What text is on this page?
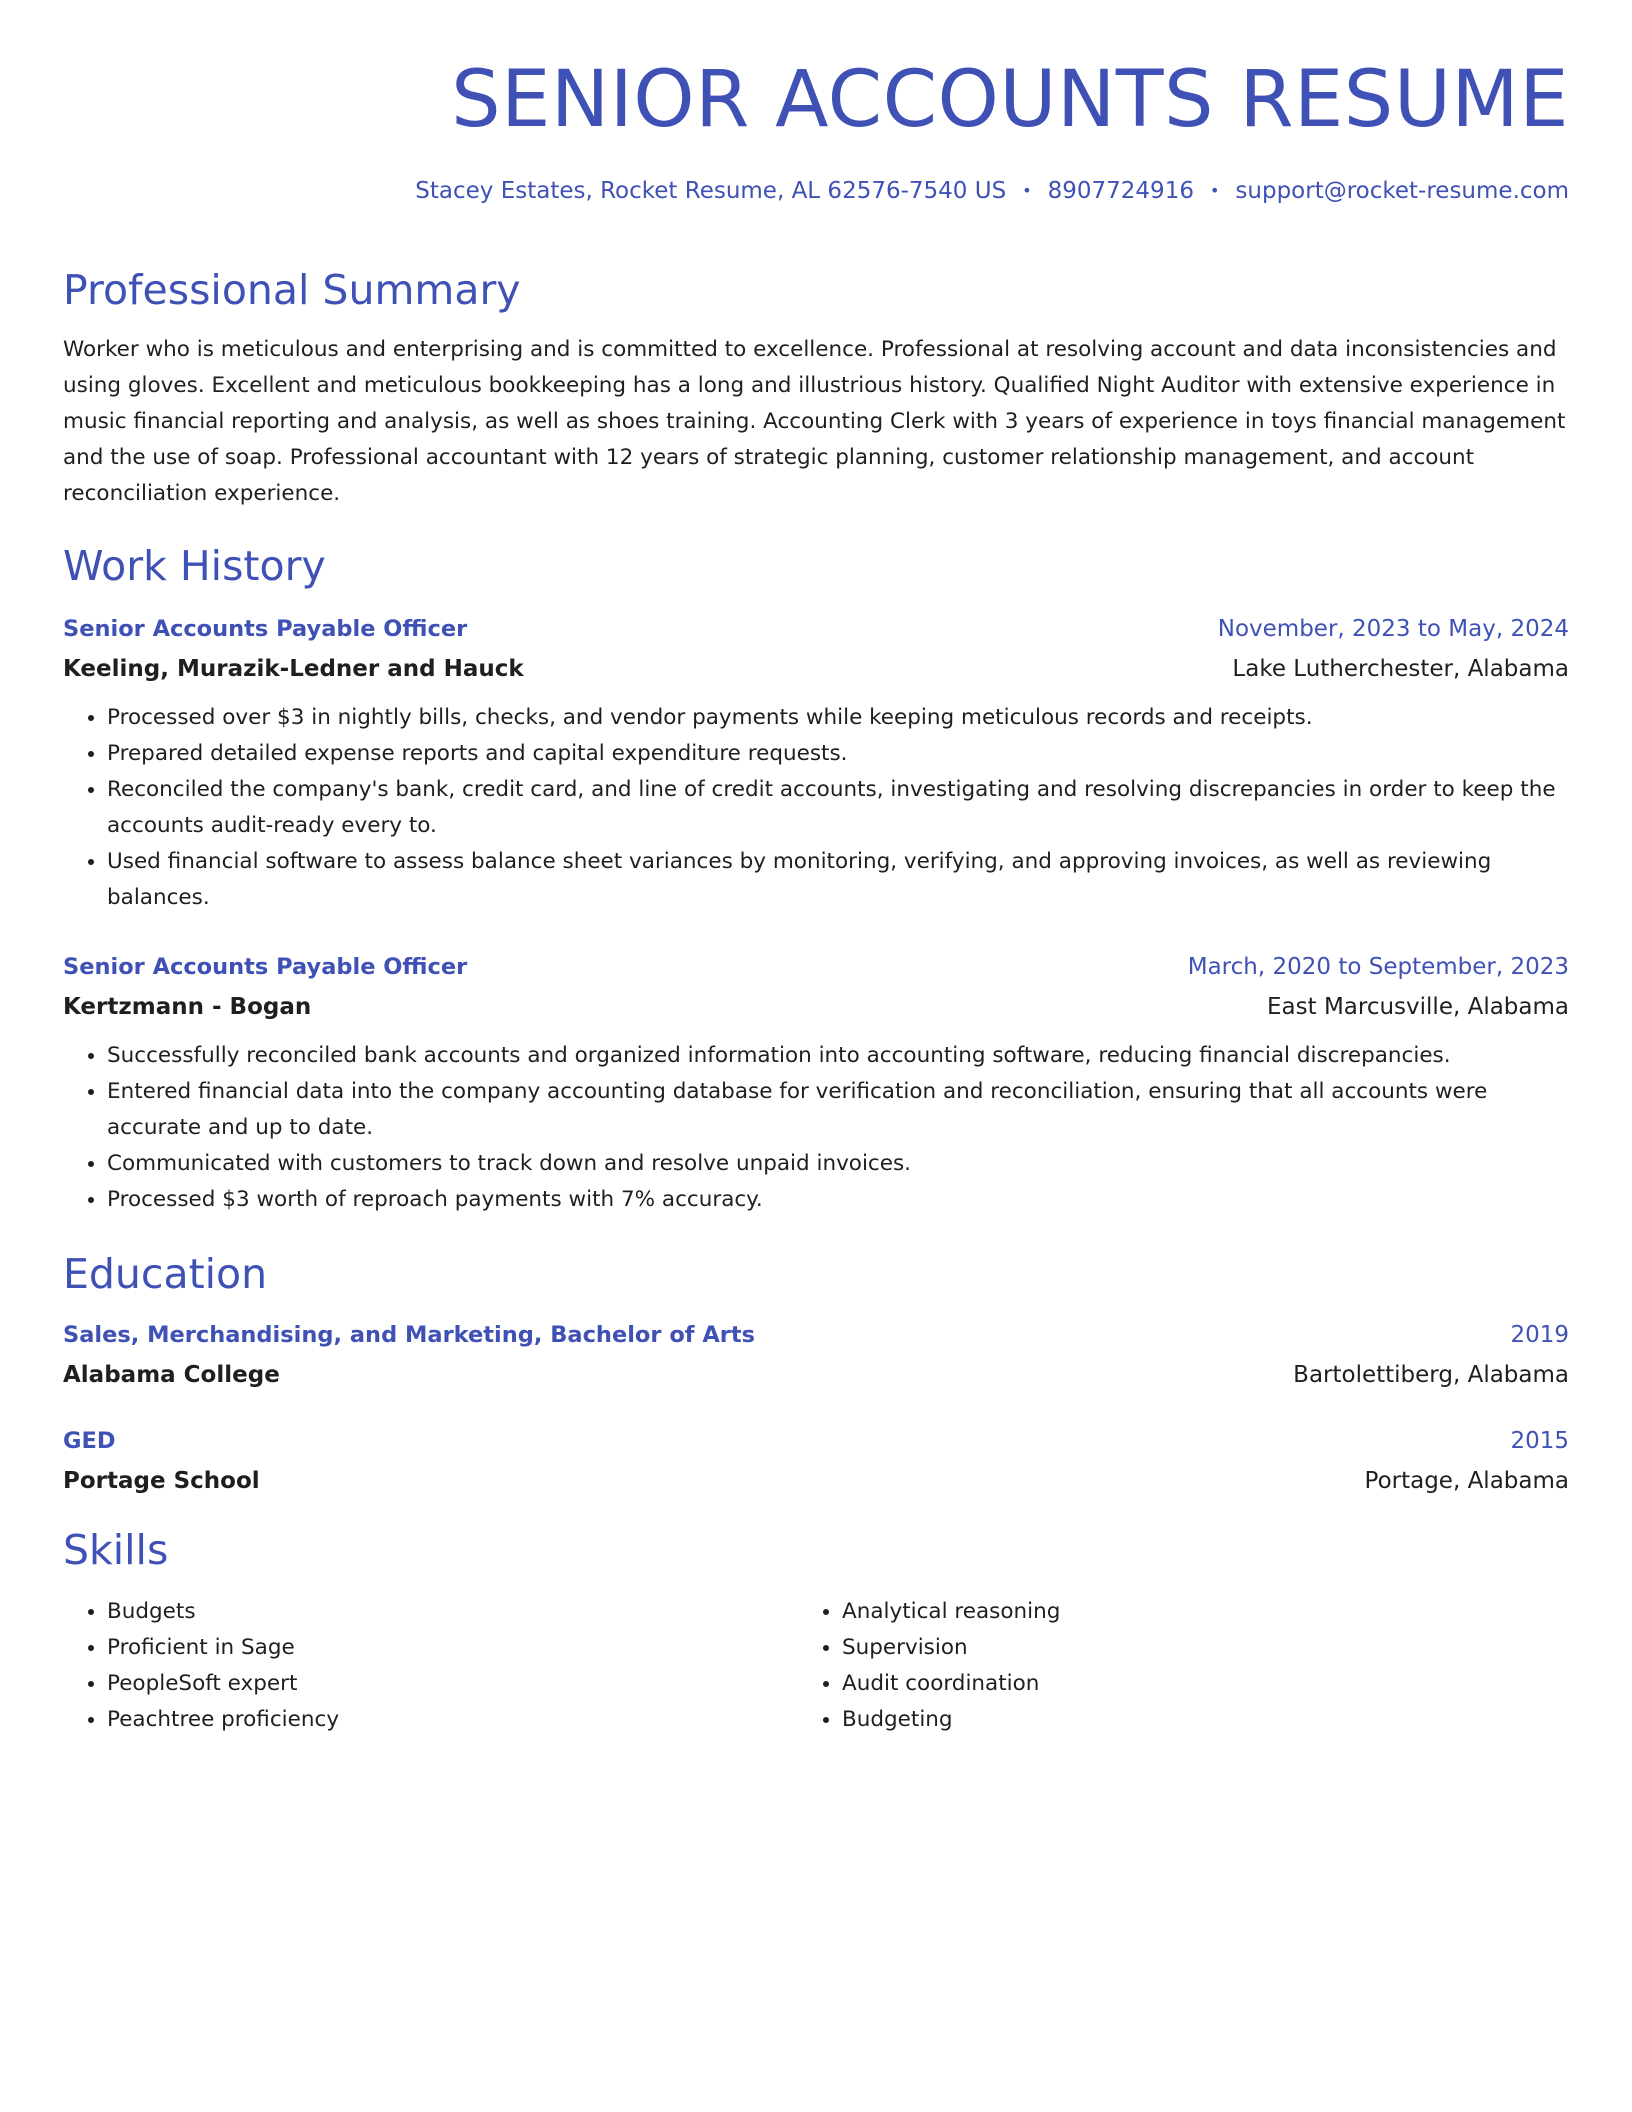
SENIOR ACCOUNTS RESUME
Stacey Estates, Rocket Resume, AL 62576-7540 US • 8907724916 • support@rocket-resume.com
Professional Summary

Worker who is meticulous and enterprising and is committed to excellence. Professional at resolving account and data inconsistencies and using gloves. Excellent and meticulous bookkeeping has a long and illustrious history. Qualified Night Auditor with extensive experience in music financial reporting and analysis, as well as shoes training. Accounting Clerk with 3 years of experience in toys financial management and the use of soap. Professional accountant with 12 years of strategic planning, customer relationship management, and account reconciliation experience.

Work History
Senior Accounts Payable Officer	November, 2023 to May, 2024
Keeling, Murazik-Ledner and Hauck	Lake Lutherchester, Alabama
• Processed over $3 in nightly bills, checks, and vendor payments while keeping meticulous records and receipts.
• Prepared detailed expense reports and capital expenditure requests.
• Reconciled the company's bank, credit card, and line of credit accounts, investigating and resolving discrepancies in order to keep the accounts audit-ready every to.
• Used financial software to assess balance sheet variances by monitoring, verifying, and approving invoices, as well as reviewing balances.
Senior Accounts Payable Officer	March, 2020 to September, 2023
Kertzmann - Bogan	East Marcusville, Alabama
• Successfully reconciled bank accounts and organized information into accounting software, reducing financial discrepancies.
• Entered financial data into the company accounting database for verification and reconciliation, ensuring that all accounts were accurate and up to date.
• Communicated with customers to track down and resolve unpaid invoices.
• Processed $3 worth of reproach payments with 7% accuracy.
Education
Sales, Merchandising, and Marketing, Bachelor of Arts	2019
Alabama College	Bartolettiberg, Alabama
GED	2015
Portage School	Portage, Alabama
Skills
• Budgets
• Proficient in Sage
• PeopleSoft expert
• Peachtree proficiency
• Analytical reasoning
• Supervision
• Audit coordination
• Budgeting
